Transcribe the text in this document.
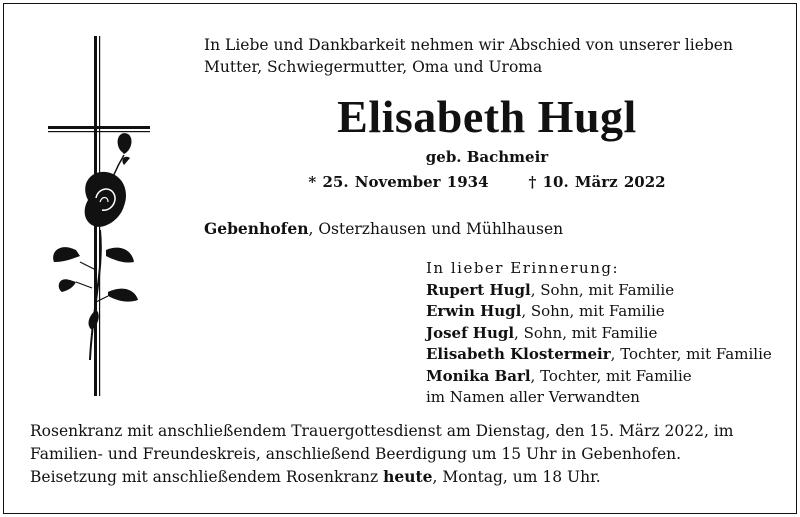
In Liebe und Dankbarkeit nehmen wir Abschied von unserer lieben
Mutter, Schwiegermutter, Oma und Uroma
Elisabeth Hugl
geb. Bachmeir
* 25. November 1934	† 10. März 2022
Gebenhofen, Osterzhausen und Mühlhausen
In lieber Erinnerung:
Rupert Hugl, Sohn, mit Familie
Erwin Hugl, Sohn, mit Familie
Josef Hugl, Sohn, mit Familie
Elisabeth Klostermeir, Tochter, mit Familie
Monika Barl, Tochter, mit Familie
im Namen aller Verwandten
Rosenkranz mit anschließendem Trauergottesdienst am Dienstag, den 15. März 2022, im
Familien- und Freundeskreis, anschließend Beerdigung um 15 Uhr in Gebenhofen.
Beisetzung mit anschließendem Rosenkranz heute, Montag, um 18 Uhr.
